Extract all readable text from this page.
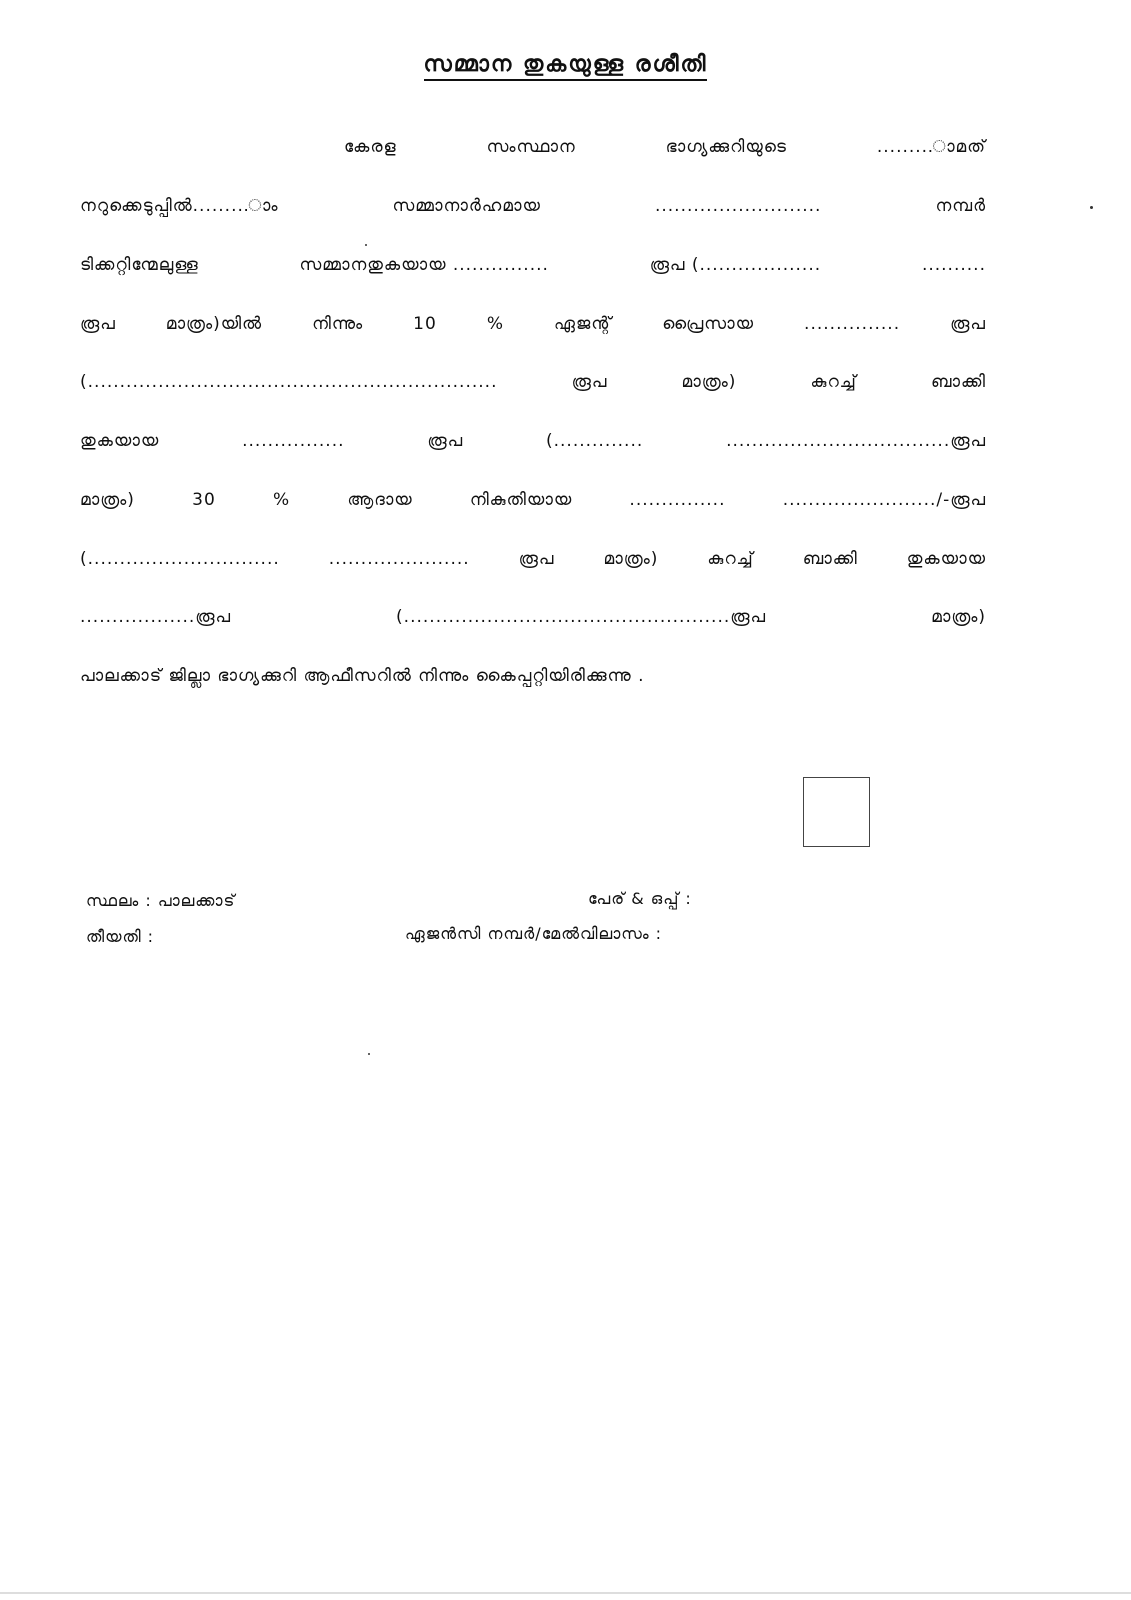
സമ്മാന തുകയുള്ള രശീതി
കേരള	സംസ്ഥാന	ഭാഗ്യക്കുറിയുടെ	.........ാമത്
നറുക്കെടുപ്പിൽ.........ാം	സമ്മാനാർഹമായ	..........................	നമ്പർ
ടിക്കറ്റിന്മേലുള്ള	സമ്മാനതുകയായ ...............	രൂപ (...................	..........
രൂപ	മാത്രം)യിൽ	നിന്നും	10	%	ഏജന്റ്	പ്രൈസായ	...............	രൂപ
(................................................................	രൂപ	മാത്രം)	കുറച്ച്	ബാക്കി
തുകയായ	................	രൂപ	(..............	...................................രൂപ
മാത്രം)	30	%	ആദായ	നികുതിയായ	...............	......................../-രൂപ
(..............................	......................	രൂപ	മാത്രം)	കുറച്ച്	ബാക്കി	തുകയായ
..................രൂപ	(...................................................രൂപ	മാത്രം)
പാലക്കാട് ജില്ലാ ഭാഗ്യക്കുറി ആഫീസറിൽ നിന്നും കൈപ്പറ്റിയിരിക്കുന്നു .
സ്ഥലം : പാലക്കാട്
തീയതി :
പേര് & ഒപ്പ് :
ഏജൻസി നമ്പർ/മേൽവിലാസം :
